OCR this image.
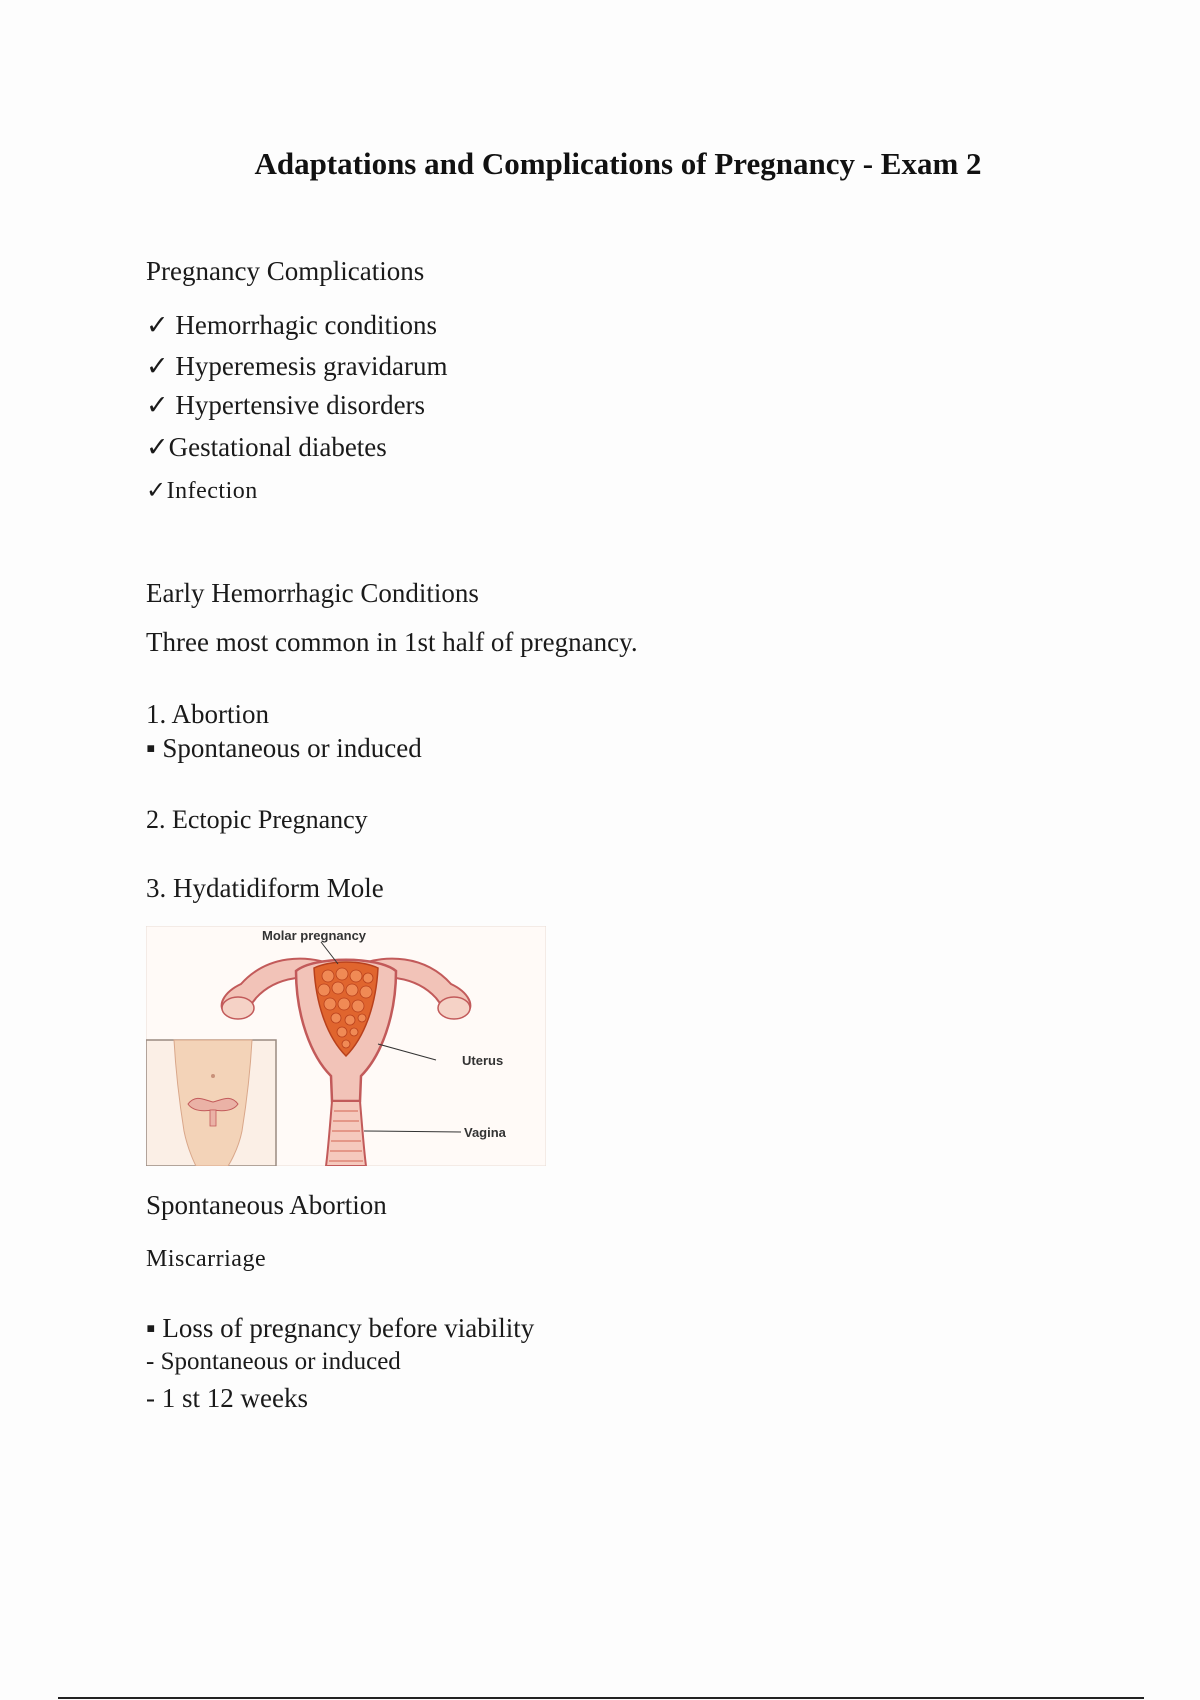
Adaptations and Complications of Pregnancy - Exam 2

Pregnancy Complications

✓ Hemorrhagic conditions

✓ Hyperemesis gravidarum

✓ Hypertensive disorders

✓Gestational diabetes

✓Infection

Early Hemorrhagic Conditions

Three most common in 1st half of pregnancy.

1. Abortion

▪ Spontaneous or induced

2. Ectopic Pregnancy

3. Hydatidiform Mole

Molar pregnancy
Uterus
Vagina

Spontaneous Abortion

Miscarriage

▪ Loss of pregnancy before viability

- Spontaneous or induced

- 1 st 12 weeks
